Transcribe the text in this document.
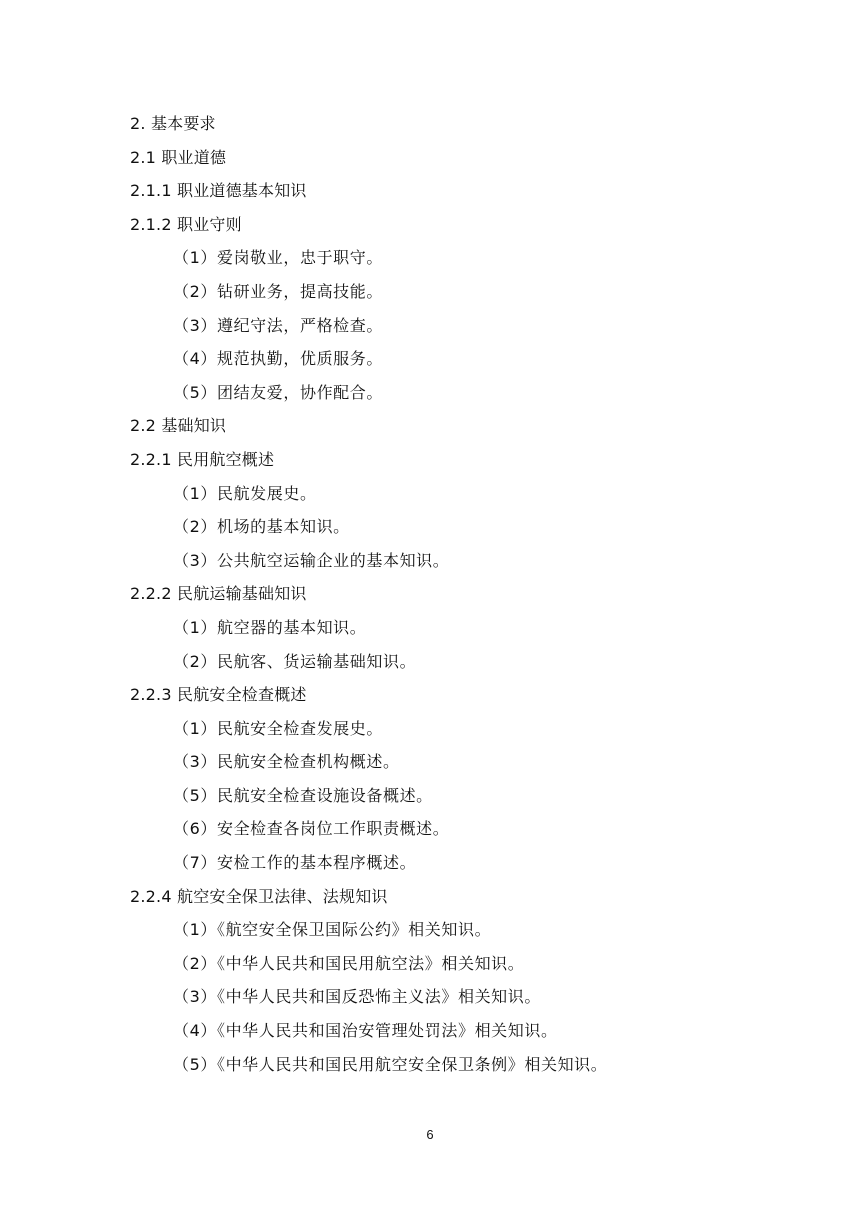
2. 基本要求
2.1 职业道德
2.1.1 职业道德基本知识
2.1.2 职业守则
（1）爱岗敬业，忠于职守。
（2）钻研业务，提高技能。
（3）遵纪守法，严格检查。
（4）规范执勤，优质服务。
（5）团结友爱，协作配合。
2.2 基础知识
2.2.1 民用航空概述
（1）民航发展史。
（2）机场的基本知识。
（3）公共航空运输企业的基本知识。
2.2.2 民航运输基础知识
（1）航空器的基本知识。
（2）民航客、货运输基础知识。
2.2.3 民航安全检查概述
（1）民航安全检查发展史。
（3）民航安全检查机构概述。
（5）民航安全检查设施设备概述。
（6）安全检查各岗位工作职责概述。
（7）安检工作的基本程序概述。
2.2.4 航空安全保卫法律、法规知识
（1）《航空安全保卫国际公约》相关知识。
（2）《中华人民共和国民用航空法》相关知识。
（3）《中华人民共和国反恐怖主义法》相关知识。
（4）《中华人民共和国治安管理处罚法》相关知识。
（5）《中华人民共和国民用航空安全保卫条例》相关知识。
6
